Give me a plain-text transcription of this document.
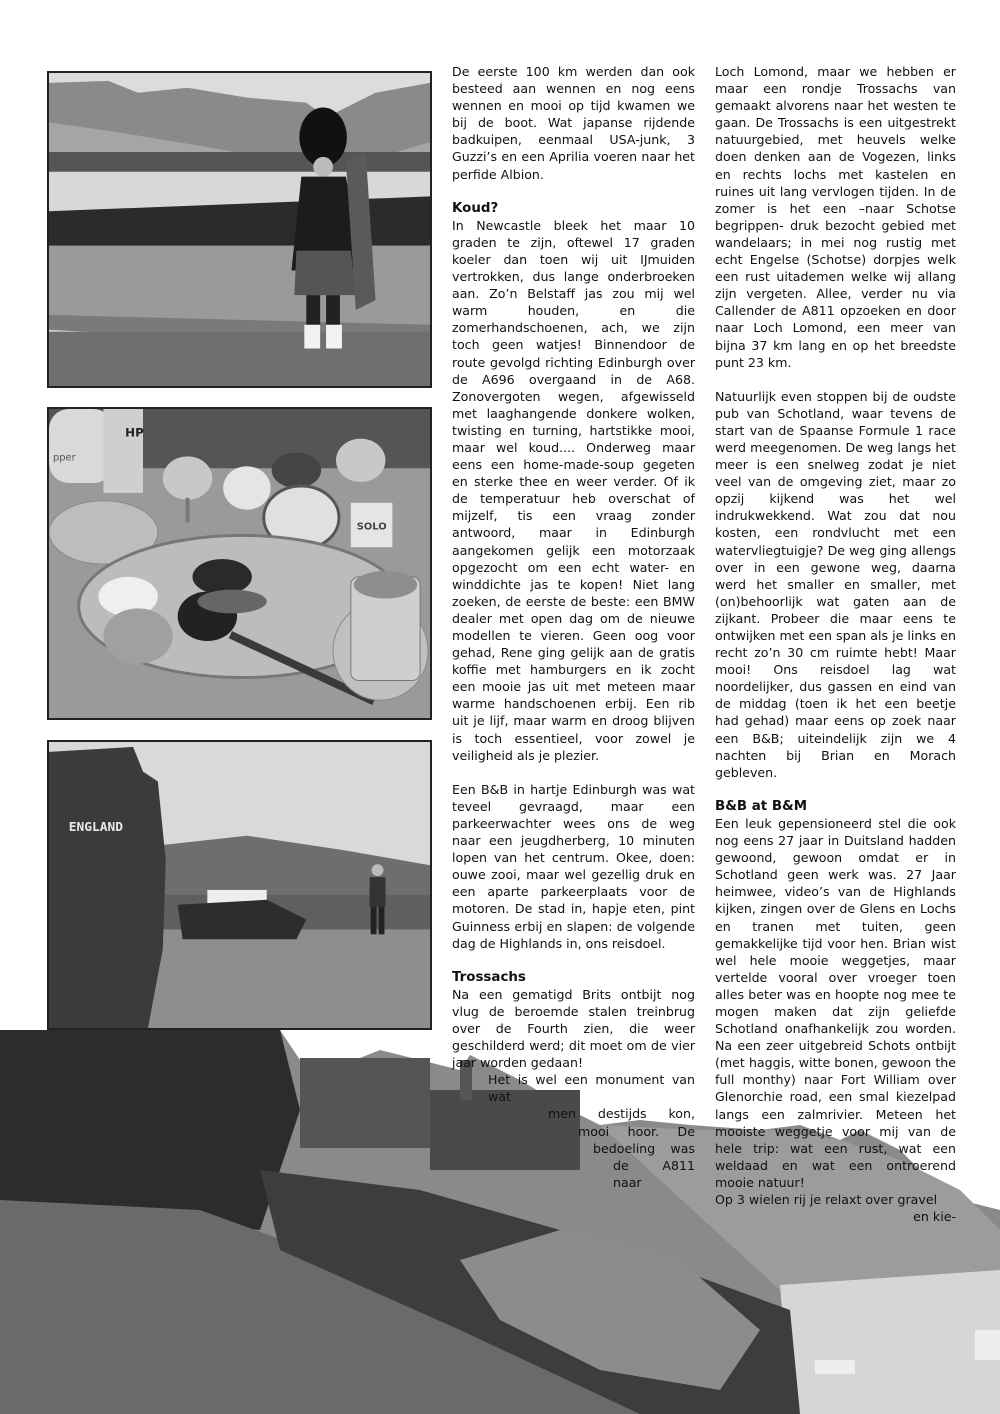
pper
HP
SOLO
ENGLAND

De eerste 100 km werden dan ook besteed aan wennen en nog eens wennen en mooi op tijd kwamen we bij de boot. Wat japanse rijdende badkuipen, eenmaal USA-junk, 3 Guzzi’s en een Aprilia voeren naar het perfide Albion.

Koud?

In Newcastle bleek het maar 10 graden te zijn, oftewel 17 graden koeler dan toen wij uit IJmuiden vertrokken, dus lange onderbroeken aan. Zo’n Belstaff jas zou mij wel warm houden, en die zomerhandschoenen, ach, we zijn toch geen watjes! Binnendoor de route gevolgd richting Edinburgh over de A696 overgaand in de A68. Zonovergoten wegen, afgewisseld met laaghangende donkere wolken, twisting en turning, hartstikke mooi, maar wel koud.... Onderweg maar eens een home-made-soup gegeten en sterke thee en weer verder. Of ik de temperatuur heb overschat of mijzelf, tis een vraag zonder antwoord, maar in Edinburgh aangekomen gelijk een motorzaak opgezocht om een echt water- en winddichte jas te kopen! Niet lang zoeken, de eerste de beste: een BMW dealer met open dag om de nieuwe modellen te vieren. Geen oog voor gehad, Rene ging gelijk aan de gratis koffie met hamburgers en ik zocht een mooie jas uit met meteen maar warme handschoenen erbij. Een rib uit je lijf, maar warm en droog blijven is toch essentieel, voor zowel je veiligheid als je plezier.

Een B&B in hartje Edinburgh was wat teveel gevraagd, maar een parkeerwachter wees ons de weg naar een jeugdherberg, 10 minuten lopen van het centrum. Okee, doen: ouwe zooi, maar wel gezellig druk en een aparte parkeerplaats voor de motoren. De stad in, hapje eten, pint Guinness erbij en slapen: de volgende dag de Highlands in, ons reisdoel.

Trossachs

Na een gematigd Brits ontbijt nog vlug de beroemde stalen treinbrug over de Fourth zien, die weer geschilderd werd; dit moet om de vier jaar worden gedaan!

Het is wel een monument van wat
men destijds kon,
mooi hoor. De
bedoeling was
de A811 naar

Loch Lomond, maar we hebben er maar een rondje Trossachs van gemaakt alvorens naar het westen te gaan. De Trossachs is een uitgestrekt natuurgebied, met heuvels welke doen denken aan de Vogezen, links en rechts lochs met kastelen en ruines uit lang vervlogen tijden. In de zomer is het een –naar Schotse begrippen- druk bezocht gebied met wandelaars; in mei nog rustig met echt Engelse (Schotse) dorpjes welk een rust uitademen welke wij allang zijn vergeten. Allee, verder nu via Callender de A811 opzoeken en door naar Loch Lomond, een meer van bijna 37 km lang en op het breedste punt 23 km.

Natuurlijk even stoppen bij de oudste pub van Schotland, waar tevens de start van de Spaanse Formule 1 race werd meegenomen. De weg langs het meer is een snelweg zodat je niet veel van de omgeving ziet, maar zo opzij kijkend was het wel indrukwekkend. Wat zou dat nou kosten, een rondvlucht met een watervliegtuigje? De weg ging allengs over in een gewone weg, daarna werd het smaller en smaller, met (on)behoorlijk wat gaten aan de zijkant. Probeer die maar eens te ontwijken met een span als je links en recht zo’n 30 cm ruimte hebt! Maar mooi! Ons reisdoel lag wat noordelijker, dus gassen en eind van de middag (toen ik het een beetje had gehad) maar eens op zoek naar een B&B; uiteindelijk zijn we 4 nachten bij Brian en Morach gebleven.

B&B at B&M

Een leuk gepensioneerd stel die ook nog eens 27 jaar in Duitsland hadden gewoond, gewoon omdat er in Schotland geen werk was. 27 Jaar heimwee, video’s van de Highlands kijken, zingen over de Glens en Lochs en tranen met tuiten, geen gemakkelijke tijd voor hen. Brian wist wel hele mooie weggetjes, maar vertelde vooral over vroeger toen alles beter was en hoopte nog mee te mogen maken dat zijn geliefde Schotland onafhankelijk zou worden. Na een zeer uitgebreid Schots ontbijt (met haggis, witte bonen, gewoon the full monthy) naar Fort William over Glenorchie road, een smal kiezelpad langs een zalmrivier. Meteen het mooiste weggetje voor mij van de hele trip: wat een rust, wat een weldaad en wat een ontroerend mooie natuur!

Op 3 wielen rij je relaxt over gravel en kie-
